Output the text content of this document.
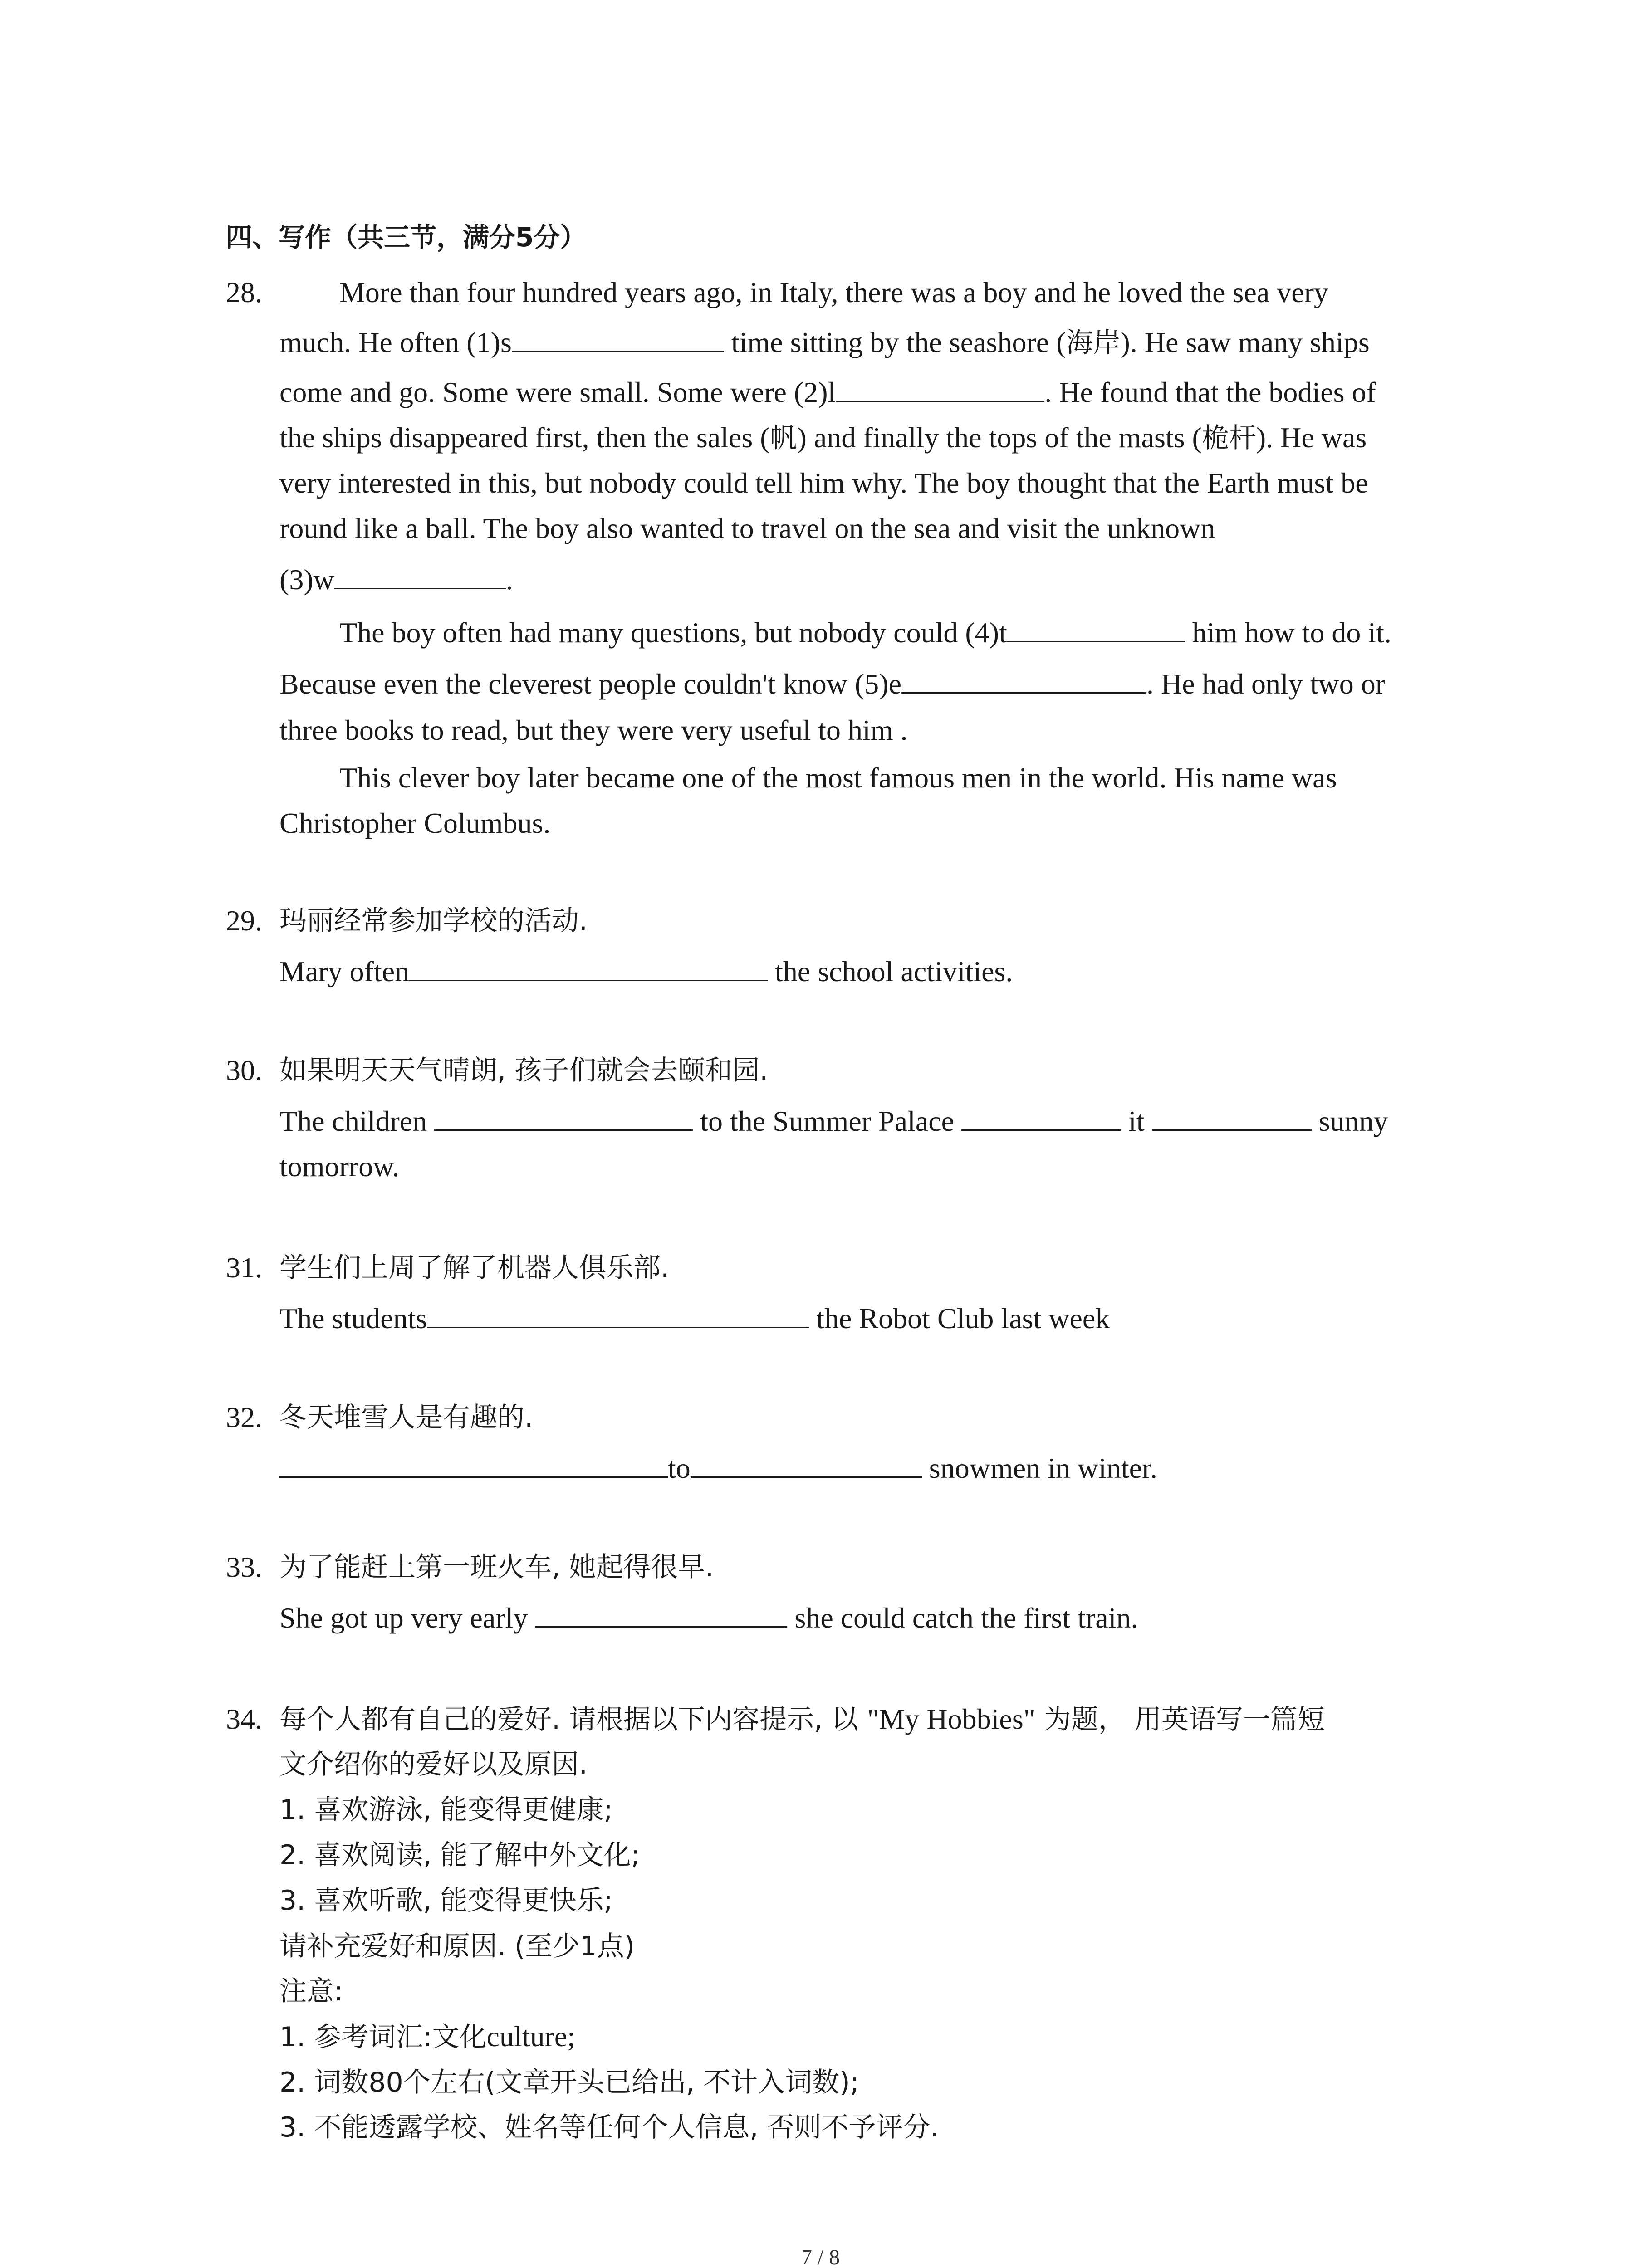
四、写作（共三节，满分5分）
28.	More than four hundred years ago, in Italy, there was a boy and he loved the sea very
much. He often (1)s	time sitting by the seashore (海岸). He saw many ships
come and go. Some were small. Some were (2)l	. He found that the bodies of
the ships disappeared first, then the sales (帆) and finally the tops of the masts (桅杆). He was
very interested in this, but nobody could tell him why. The boy thought that the Earth must be
round like a ball. The boy also wanted to travel on the sea and visit the unknown
(3)w	.
The boy often had many questions, but nobody could (4)t	him how to do it.
Because even the cleverest people couldn't know (5)e	. He had only two or
three books to read, but they were very useful to him .
This clever boy later became one of the most famous men in the world. His name was
Christopher Columbus.
29. 玛丽经常参加学校的活动.
Mary often	the school activities.
30. 如果明天天气晴朗, 孩子们就会去颐和园.
The children	to the Summer Palace	it	sunny
tomorrow.
31. 学生们上周了解了机器人俱乐部.
The students	the Robot Club last week
32. 冬天堆雪人是有趣的.
to	snowmen in winter.
33. 为了能赶上第一班火车, 她起得很早.
She got up very early	she could catch the first train.
34. 每个人都有自己的爱好. 请根据以下内容提示, 以 "My Hobbies" 为题， 用英语写一篇短
文介绍你的爱好以及原因.
1. 喜欢游泳, 能变得更健康;
2. 喜欢阅读, 能了解中外文化;
3. 喜欢听歌, 能变得更快乐;
请补充爱好和原因. (至少1点)
注意:
1. 参考词汇:文化culture;
2. 词数80个左右(文章开头已给出, 不计入词数);
3. 不能透露学校、姓名等任何个人信息, 否则不予评分.
7 / 8
